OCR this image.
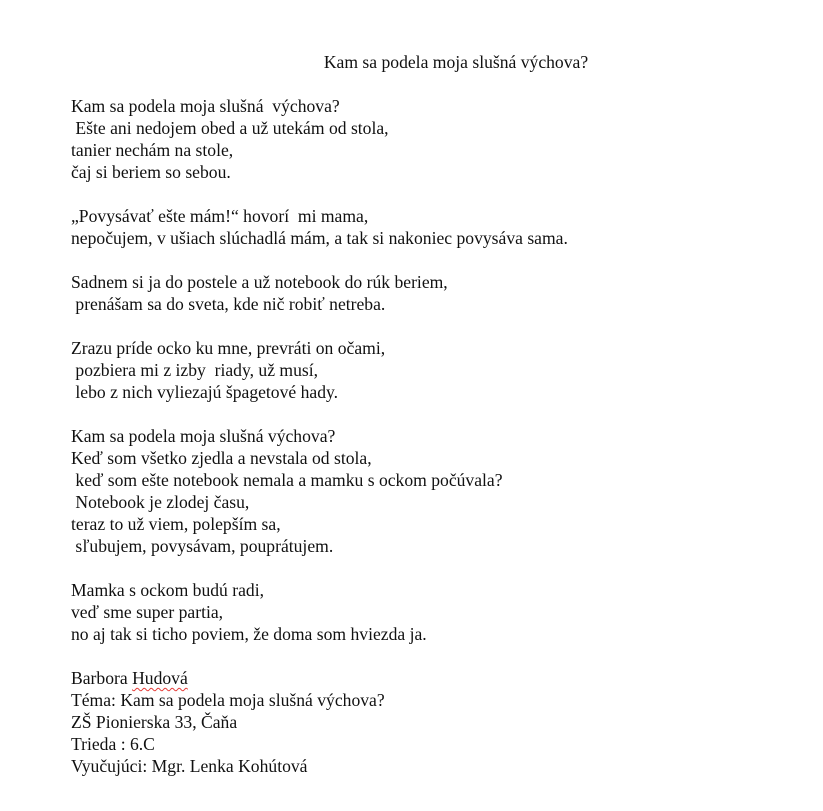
Kam sa podela moja slušná výchova?
Kam sa podela moja slušná  výchova?
Ešte ani nedojem obed a už utekám od stola,
tanier nechám na stole,
čaj si beriem so sebou.
„Povysávať ešte mám!“ hovorí  mi mama,
nepočujem, v ušiach slúchadlá mám, a tak si nakoniec povysáva sama.
Sadnem si ja do postele a už notebook do rúk beriem,
prenášam sa do sveta, kde nič robiť netreba.
Zrazu príde ocko ku mne, prevráti on očami,
pozbiera mi z izby  riady, už musí,
lebo z nich vyliezajú špagetové hady.
Kam sa podela moja slušná výchova?
Keď som všetko zjedla a nevstala od stola,
keď som ešte notebook nemala a mamku s ockom počúvala?
Notebook je zlodej času,
teraz to už viem, polepším sa,
sľubujem, povysávam, pouprátujem.
Mamka s ockom budú radi,
veď sme super partia,
no aj tak si ticho poviem, že doma som hviezda ja.
Barbora Hudová
Téma: Kam sa podela moja slušná výchova?
ZŠ Pionierska 33, Čaňa
Trieda : 6.C
Vyučujúci: Mgr. Lenka Kohútová
